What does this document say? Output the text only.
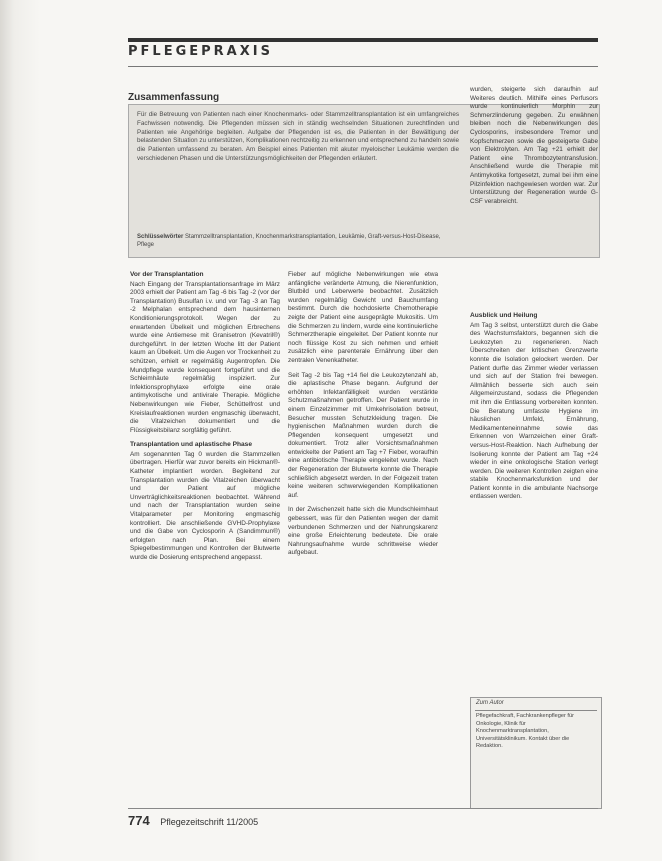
PFLEGEPRAXIS
Zusammenfassung
Für die Betreuung von Patienten nach einer Knochenmarks- oder Stammzelltransplantation ist ein umfangreiches Fachwissen notwendig. Die Pflegenden müssen sich in ständig wechselnden Situationen zurechtfinden und Patienten wie Angehörige begleiten. Aufgabe der Pflegenden ist es, die Patienten in der Bewältigung der belastenden Situation zu unterstützen, Komplikationen rechtzeitig zu erkennen und entsprechend zu handeln sowie die Patienten umfassend zu beraten. Am Beispiel eines Patienten mit akuter myeloischer Leukämie werden die verschiedenen Phasen und die Unterstützungsmöglichkeiten der Pflegenden erläutert.
Schlüsselwörter Stammzelltransplantation, Knochenmarkstransplantation, Leukämie, Graft-versus-Host-Disease, Pflege
Vor der Transplantation

Nach Eingang der Transplantationsanfrage im März 2003 erhielt der Patient am Tag -6 bis Tag -2 (vor der Transplantation) Busulfan i.v. und vor Tag -3 an Tag -2 Melphalan entsprechend dem hausinternen Konditionierungsprotokoll. Wegen der zu erwartenden Übelkeit und möglichen Erbrechens wurde eine Antiemese mit Granisetron (Kevatril®) durchgeführt. In der letzten Woche litt der Patient kaum an Übelkeit. Um die Augen vor Trockenheit zu schützen, erhielt er regelmäßig Augentropfen. Die Mundpflege wurde konsequent fortgeführt und die Schleimhäute regelmäßig inspiziert. Zur Infektionsprophylaxe erfolgte eine orale antimykotische und antivirale Therapie. Mögliche Nebenwirkungen wie Fieber, Schüttelfrost und Kreislaufreaktionen wurden engmaschig überwacht, die Vitalzeichen dokumentiert und die Flüssigkeitsbilanz sorgfältig geführt.

Transplantation und aplastische Phase

Am sogenannten Tag 0 wurden die Stammzellen übertragen. Hierfür war zuvor bereits ein Hickman®-Katheter implantiert worden. Begleitend zur Transplantation wurden die Vitalzeichen überwacht und der Patient auf mögliche Unverträglichkeitsreaktionen beobachtet. Während und nach der Transplantation wurden seine Vitalparameter per Monitoring engmaschig kontrolliert. Die anschließende GVHD-Prophylaxe und die Gabe von Cyclosporin A (Sandimmun®) erfolgten nach Plan. Bei einem Spiegelbestimmungen und Kontrollen der Blutwerte wurde die Dosierung entsprechend angepasst.

Fieber auf mögliche Nebenwirkungen wie etwa anfängliche veränderte Atmung, die Nierenfunktion, Blutbild und Leberwerte beobachtet. Zusätzlich wurden regelmäßig Gewicht und Bauchumfang bestimmt. Durch die hochdosierte Chemotherapie zeigte der Patient eine ausgeprägte Mukositis. Um die Schmerzen zu lindern, wurde eine kontinuierliche Schmerztherapie eingeleitet. Der Patient konnte nur noch flüssige Kost zu sich nehmen und erhielt zusätzlich eine parenterale Ernährung über den zentralen Venenkatheter.

Seit Tag -2 bis Tag +14 fiel die Leukozytenzahl ab, die aplastische Phase begann. Aufgrund der erhöhten Infektanfälligkeit wurden verstärkte Schutzmaßnahmen getroffen. Der Patient wurde in einem Einzelzimmer mit Umkehrisolation betreut, Besucher mussten Schutzkleidung tragen. Die hygienischen Maßnahmen wurden durch die Pflegenden konsequent umgesetzt und dokumentiert. Trotz aller Vorsichtsmaßnahmen entwickelte der Patient am Tag +7 Fieber, woraufhin eine antibiotische Therapie eingeleitet wurde. Nach der Regeneration der Blutwerte konnte die Therapie schließlich abgesetzt werden. In der Folgezeit traten keine weiteren schwerwiegenden Komplikationen auf.

In der Zwischenzeit hatte sich die Mundschleimhaut gebessert, was für den Patienten wegen der damit verbundenen Schmerzen und der Nahrungskarenz eine große Erleichterung bedeutete. Die orale Nahrungsaufnahme wurde schrittweise wieder aufgebaut.

wurden, steigerte sich daraufhin auf Weiteres deutlich. Mithilfe eines Perfusors wurde kontinuierlich Morphin zur Schmerzlinderung gegeben. Zu erwähnen bleiben noch die Nebenwirkungen des Cyclosporins, insbesondere Tremor und Kopfschmerzen sowie die gesteigerte Gabe von Elektrolyten. Am Tag +21 erhielt der Patient eine Thrombozytentransfusion. Anschließend wurde die Therapie mit Antimykotika fortgesetzt, zumal bei ihm eine Pilzinfektion nachgewiesen worden war. Zur Unterstützung der Regeneration wurde G-CSF verabreicht.

Ausblick und Heilung

Am Tag 3 selbst, unterstützt durch die Gabe des Wachstumsfaktors, begannen sich die Leukozyten zu regenerieren. Nach Überschreiten der kritischen Grenzwerte konnte die Isolation gelockert werden. Der Patient durfte das Zimmer wieder verlassen und sich auf der Station frei bewegen. Allmählich besserte sich auch sein Allgemeinzustand, sodass die Pflegenden mit ihm die Entlassung vorbereiten konnten. Die Beratung umfasste Hygiene im häuslichen Umfeld, Ernährung, Medikamenteneinnahme sowie das Erkennen von Warnzeichen einer Graft-versus-Host-Reaktion. Nach Aufhebung der Isolierung konnte der Patient am Tag +24 wieder in eine onkologische Station verlegt werden. Die weiteren Kontrollen zeigten eine stabile Knochenmarksfunktion und der Patient konnte in die ambulante Nachsorge entlassen werden.

Zum Autor
Pflegefachkraft, Fachkrankenpfleger für Onkologie, Klinik für Knochenmarktransplantation, Universitätsklinikum. Kontakt über die Redaktion.
774 Pflegezeitschrift 11/2005
